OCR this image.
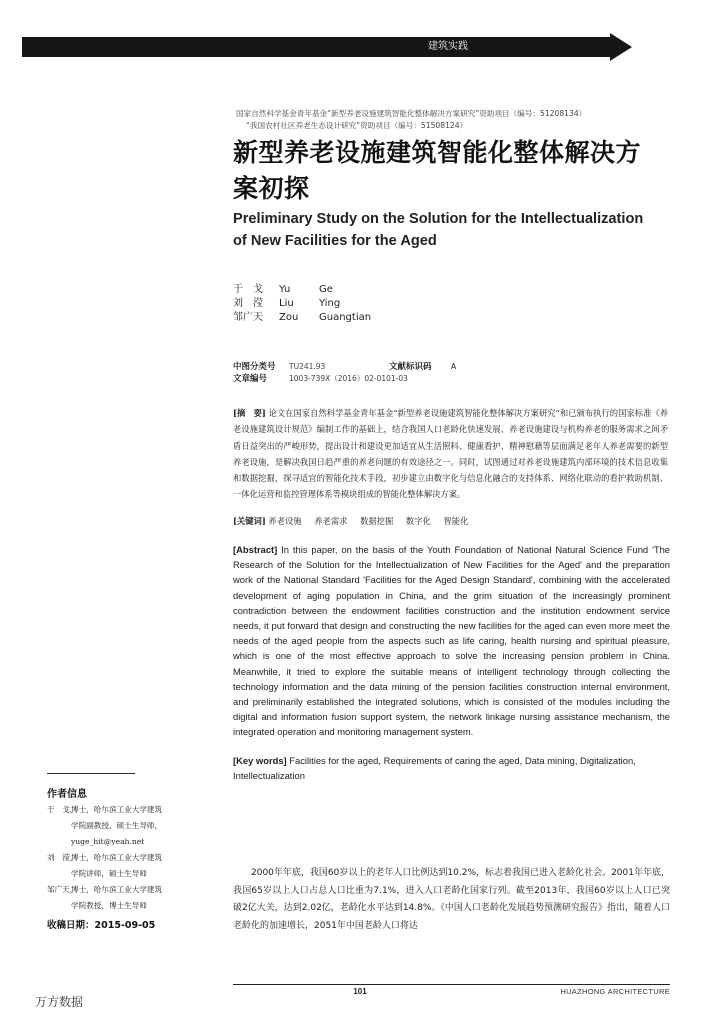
建筑实践
国家自然科学基金青年基金“新型养老设施建筑智能化整体解决方案研究”资助项目（编号：51208134）
“我国农村社区养老生态设计研究”资助项目（编号：51508124）
新型养老设施建筑智能化整体解决方
案初探
Preliminary Study on the Solution for the Intellectualization
of New Facilities for the Aged
于　戈	Yu	Ge
刘　滢	Liu	Ying
邹广天	Zou	Guangtian
中图分类号	TU241.93	文献标识码	A
文章编号	1003-739X（2016）02-0101-03
[摘　要] 论文在国家自然科学基金青年基金“新型养老设施建筑智能化整体解决方案研究”和已颁布执行的国家标准《养老设施建筑设计规范》编制工作的基础上，结合我国人口老龄化快速发展、养老设施建设与机构养老的服务需求之间矛盾日益突出的严峻形势，提出设计和建设更加适宜从生活照料、健康看护、精神慰藉等层面满足老年人养老需要的新型养老设施，是解决我国日趋严重的养老问题的有效途径之一。同时，试图通过对养老设施建筑内部环境的技术信息收集和数据挖掘，探寻适宜的智能化技术手段，初步建立由数字化与信息化融合的支持体系、网络化联动的看护救助机制、一体化运营和监控管理体系等模块组成的智能化整体解决方案。
[关键词] 养老设施 养老需求 数据挖掘 数字化 智能化
[Abstract] In this paper, on the basis of the Youth Foundation of National Natural Science Fund 'The Research of the Solution for the Intellectualization of New Facilities for the Aged' and the preparation work of the National Standard 'Facilities for the Aged Design Standard', combining with the accelerated development of aging population in China, and the grim situation of the increasingly prominent contradiction between the endowment facilities construction and the institution endowment service needs, it put forward that design and constructing the new facilities for the aged can even more meet the needs of the aged people from the aspects such as life caring, health nursing and spiritual pleasure, which is one of the most effective approach to solve the increasing pension problem in China. Meanwhile, it tried to explore the suitable means of intelligent technology through collecting the technology information and the data mining of the pension facilities construction internal environment, and preliminarily established the integrated solutions, which is consisted of the modules including the digital and information fusion support system, the network linkage nursing assistance mechanism, the integrated operation and monitoring management system.
[Key words] Facilities for the aged, Requirements of caring the aged, Data mining, Digitalization, Intellectualization
作者信息
于　戈，
博士，哈尔滨工业大学建筑
学院副教授，硕士生导师，
yuge_hit@yeah.net
刘　滢，
博士，哈尔滨工业大学建筑
学院讲师，硕士生导师
邹广天，
博士，哈尔滨工业大学建筑
学院教授，博士生导师
收稿日期：2015-09-05
2000年年底，我国60岁以上的老年人口比例达到10.2%，标志着我国已进入老龄化社会。2001年年底，我国65岁以上人口占总人口比重为7.1%，进入人口老龄化国家行列。截至2013年，我国60岁以上人口已突破2亿大关，达到2.02亿，老龄化水平达到14.8%。《中国人口老龄化发展趋势预测研究报告》指出，随着人口老龄化的加速增长，2051年中国老龄人口将达
101	HUAZHONG ARCHITECTURE
万方数据
